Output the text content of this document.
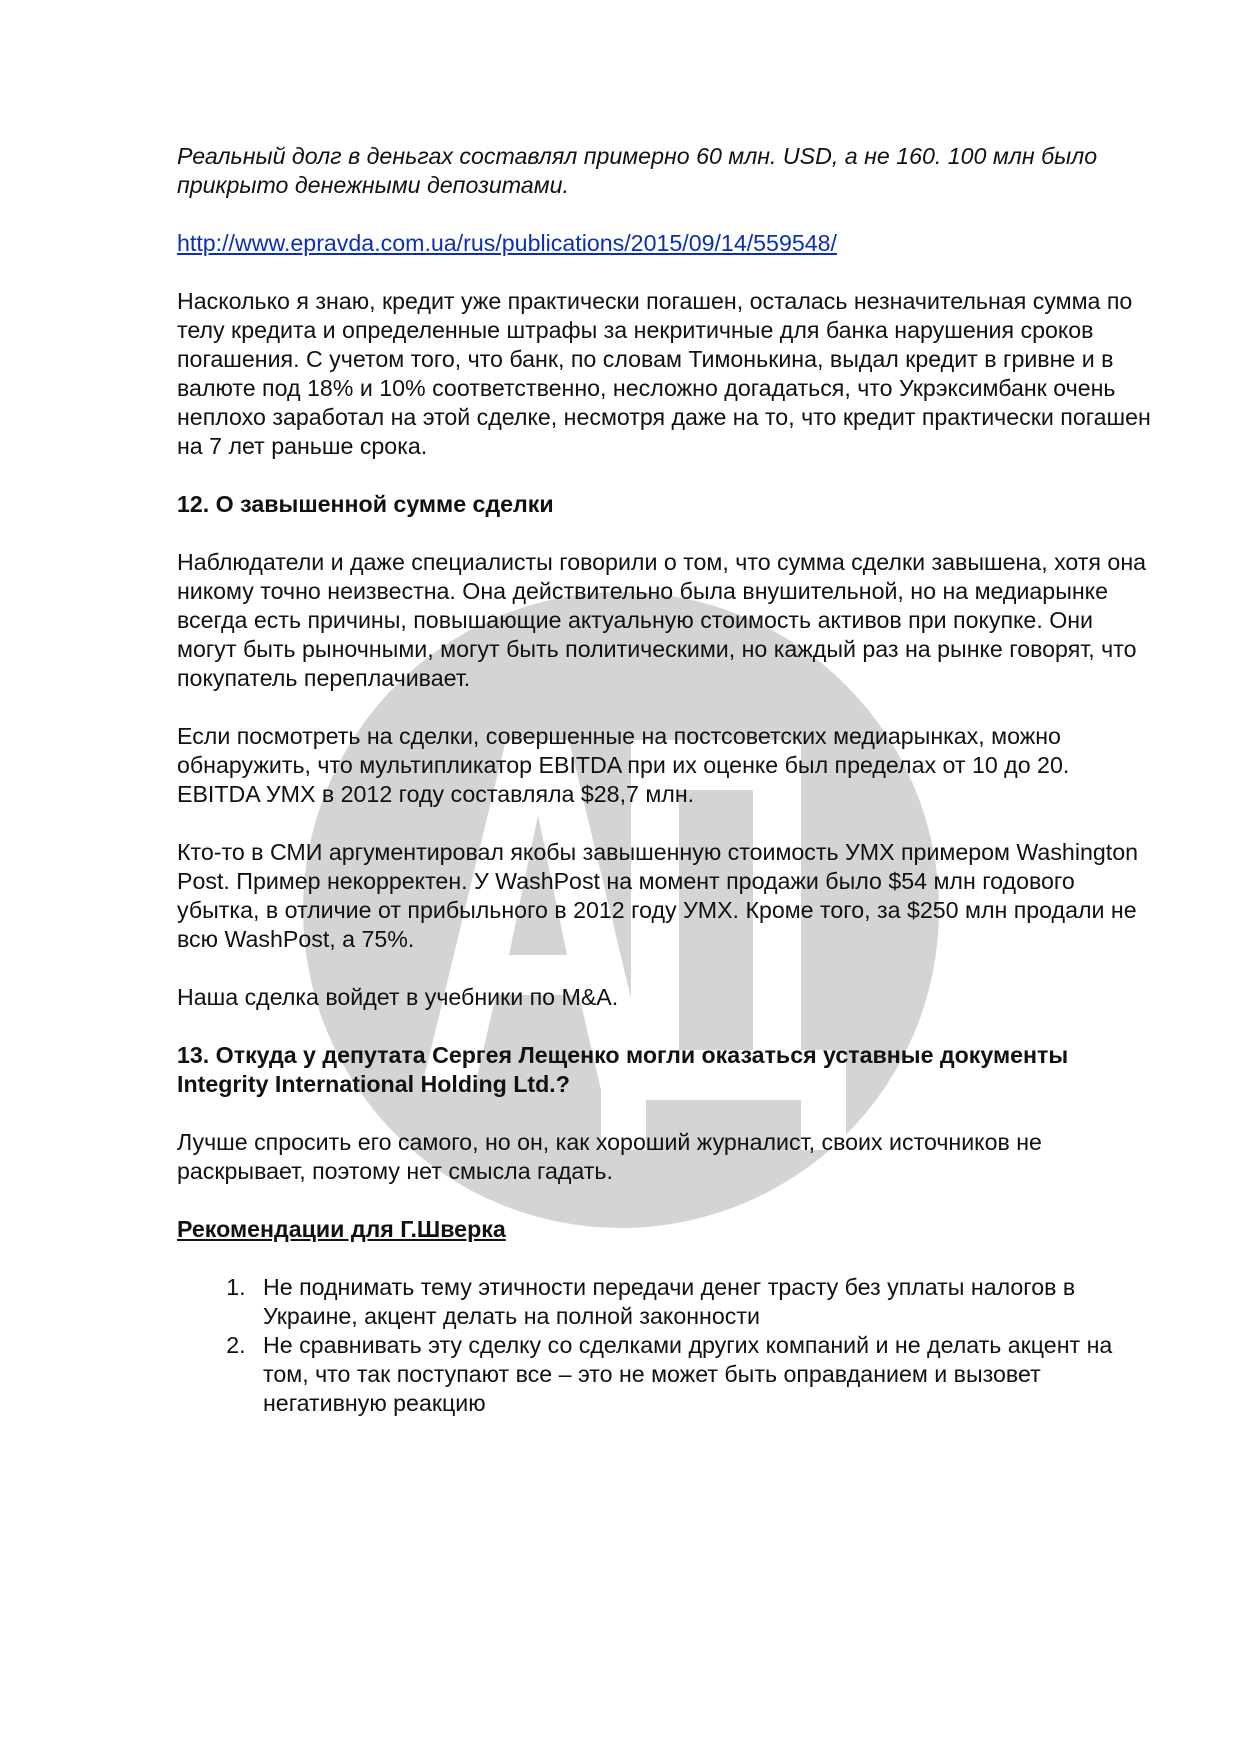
Реальный долг в деньгах составлял примерно 60 млн. USD, а не 160. 100 млн было прикрыто денежными депозитами.

http://www.epravda.com.ua/rus/publications/2015/09/14/559548/

Насколько я знаю, кредит уже практически погашен, осталась незначительная сумма по телу кредита и определенные штрафы за некритичные для банка нарушения сроков погашения. С учетом того, что банк, по словам Тимонькина, выдал кредит в гривне и в валюте под 18% и 10% соответственно, несложно догадаться, что Укрэксимбанк очень неплохо заработал на этой сделке, несмотря даже на то, что кредит практически погашен на 7 лет раньше срока.

12. О завышенной сумме сделки

Наблюдатели и даже специалисты говорили о том, что сумма сделки завышена, хотя она никому точно неизвестна. Она действительно была внушительной, но на медиарынке всегда есть причины, повышающие актуальную стоимость активов при покупке. Они могут быть рыночными, могут быть политическими, но каждый раз на рынке говорят, что покупатель переплачивает.

Если посмотреть на сделки, совершенные на постсоветских медиарынках, можно обнаружить, что мультипликатор EBITDA при их оценке был пределах от 10 до 20. EBITDA УМХ в 2012 году составляла $28,7 млн.

Кто-то в СМИ аргументировал якобы завышенную стоимость УМХ примером Washington Post. Пример некорректен. У WashPost на момент продажи было $54 млн годового убытка, в отличие от прибыльного в 2012 году УМХ. Кроме того, за $250 млн продали не всю WashPost, а 75%.

Наша сделка войдет в учебники по M&A.

13. Откуда у депутата Сергея Лещенко могли оказаться уставные документы Integrity International Holding Ltd.?

Лучше спросить его самого, но он, как хороший журналист, своих источников не раскрывает, поэтому нет смысла гадать.

Рекомендации для Г.Шверка

1. Не поднимать тему этичности передачи денег трасту без уплаты налогов в Украине, акцент делать на полной законности
2. Не сравнивать эту сделку со сделками других компаний и не делать акцент на том, что так поступают все – это не может быть оправданием и вызовет негативную реакцию
